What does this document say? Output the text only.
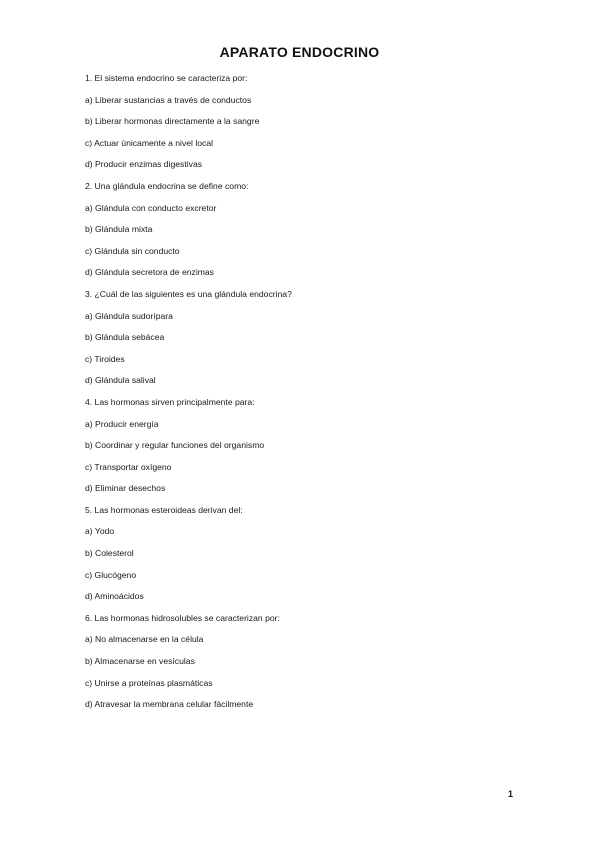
APARATO ENDOCRINO
1. El sistema endocrino se caracteriza por:
a) Liberar sustancias a través de conductos
b) Liberar hormonas directamente a la sangre
c) Actuar únicamente a nivel local
d) Producir enzimas digestivas
2. Una glándula endocrina se define como:
a) Glándula con conducto excretor
b) Glándula mixta
c) Glándula sin conducto
d) Glándula secretora de enzimas
3. ¿Cuál de las siguientes es una glándula endocrina?
a) Glándula sudorípara
b) Glándula sebácea
c) Tiroides
d) Glándula salival
4. Las hormonas sirven principalmente para:
a) Producir energía
b) Coordinar y regular funciones del organismo
c) Transportar oxígeno
d) Eliminar desechos
5. Las hormonas esteroideas derivan del:
a) Yodo
b) Colesterol
c) Glucógeno
d) Aminoácidos
6. Las hormonas hidrosolubles se caracterizan por:
a) No almacenarse en la célula
b) Almacenarse en vesículas
c) Unirse a proteínas plasmáticas
d) Atravesar la membrana celular fácilmente
1
